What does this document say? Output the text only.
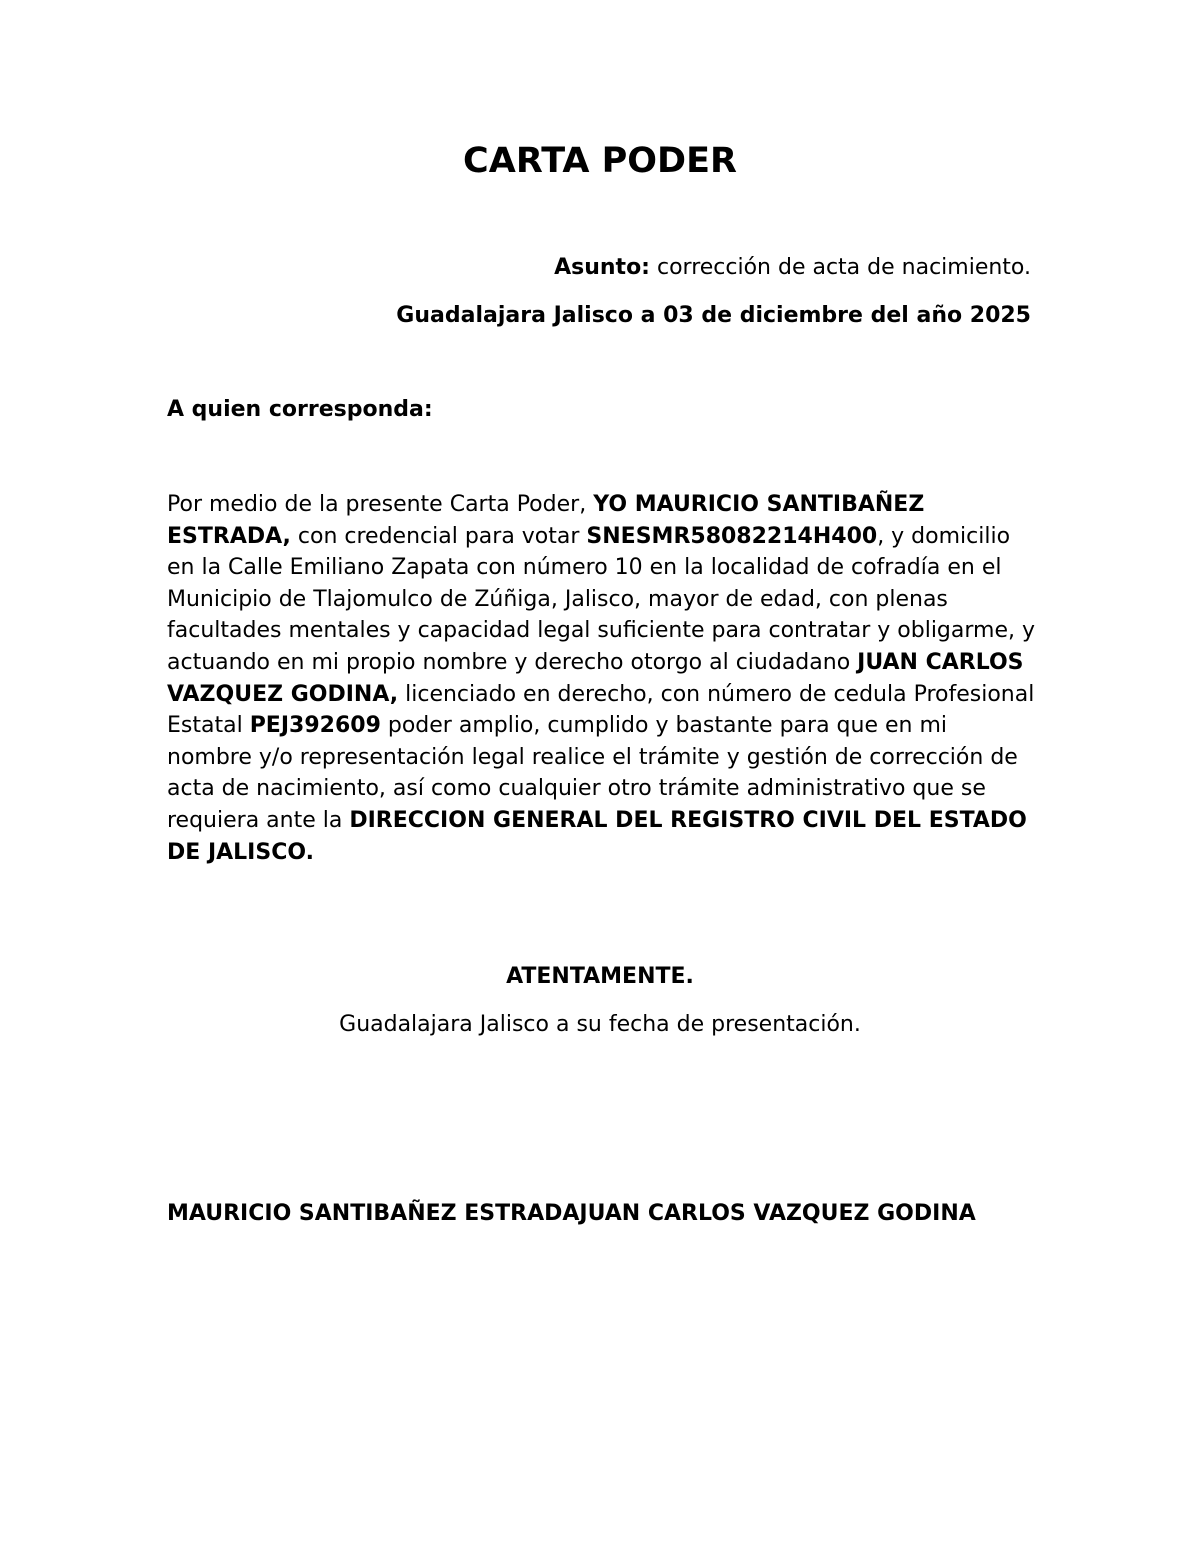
CARTA PODER

Asunto: corrección de acta de nacimiento.

Guadalajara Jalisco a 03 de diciembre del año 2025

A quien corresponda:

Por medio de la presente Carta Poder, YO MAURICIO SANTIBAÑEZ
ESTRADA, con credencial para votar SNESMR58082214H400, y domicilio en la Calle Emiliano Zapata con número 10 en la localidad de cofradía en el Municipio de Tlajomulco de Zúñiga, Jalisco, mayor de edad, con plenas facultades mentales y capacidad legal suficiente para contratar y obligarme, y actuando en mi propio nombre y derecho otorgo al ciudadano JUAN CARLOS VAZQUEZ GODINA, licenciado en derecho, con número de cedula Profesional Estatal PEJ392609 poder amplio, cumplido y bastante para que en mi nombre y/o representación legal realice el trámite y gestión de corrección de acta de nacimiento, así como cualquier otro trámite administrativo que se requiera ante la DIRECCION GENERAL DEL REGISTRO CIVIL DEL ESTADO DE JALISCO.

ATENTAMENTE.

Guadalajara Jalisco a su fecha de presentación.

MAURICIO SANTIBAÑEZ ESTRADAJUAN CARLOS VAZQUEZ GODINA
